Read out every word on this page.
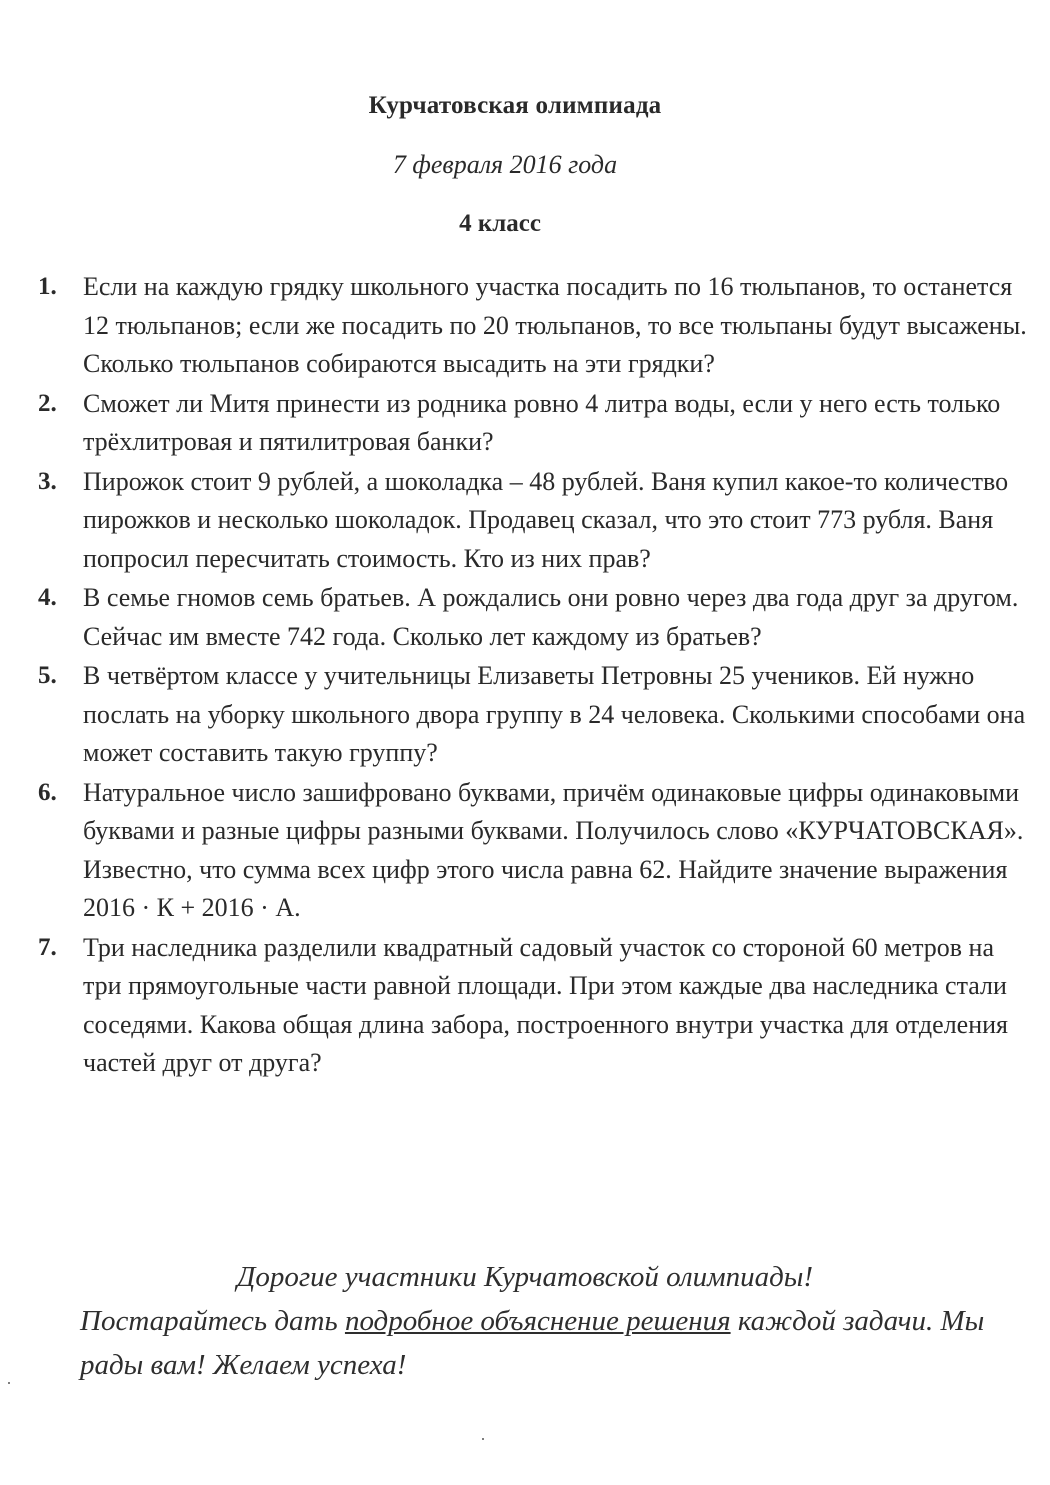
Курчатовская олимпиада
7 февраля 2016 года
4 класс
1. Если на каждую грядку школьного участка посадить по 16 тюльпанов, то останется 12 тюльпанов; если же посадить по 20 тюльпанов, то все тюльпаны будут высажены. Сколько тюльпанов собираются высадить на эти грядки?
2. Сможет ли Митя принести из родника ровно 4 литра воды, если у него есть только трёхлитровая и пятилитровая банки?
3. Пирожок стоит 9 рублей, а шоколадка – 48 рублей. Ваня купил какое-то количество пирожков и несколько шоколадок. Продавец сказал, что это стоит 773 рубля. Ваня попросил пересчитать стоимость. Кто из них прав?
4. В семье гномов семь братьев. А рождались они ровно через два года друг за другом. Сейчас им вместе 742 года. Сколько лет каждому из братьев?
5. В четвёртом классе у учительницы Елизаветы Петровны 25 учеников. Ей нужно послать на уборку школьного двора группу в 24 человека. Сколькими способами она может составить такую группу?
6. Натуральное число зашифровано буквами, причём одинаковые цифры одинаковыми буквами и разные цифры разными буквами. Получилось слово «КУРЧАТОВСКАЯ». Известно, что сумма всех цифр этого числа равна 62. Найдите значение выражения 2016 · К + 2016 · А.
7. Три наследника разделили квадратный садовый участок со стороной 60 метров на три прямоугольные части равной площади. При этом каждые два наследника стали соседями. Какова общая длина забора, построенного внутри участка для отделения частей друг от друга?
Дорогие участники Курчатовской олимпиады!
Постарайтесь дать подробное объяснение решения каждой задачи. Мы рады вам! Желаем успеха!
